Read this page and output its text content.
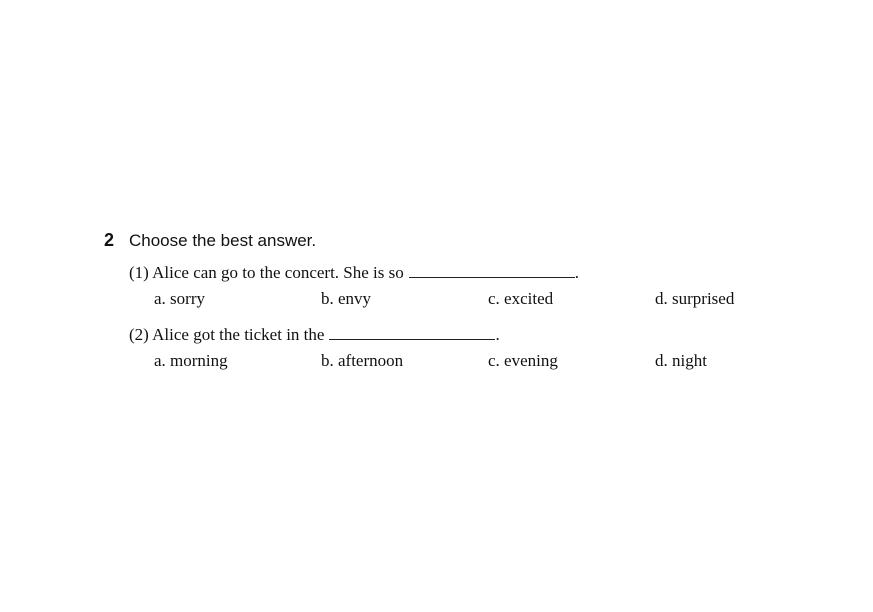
2 Choose the best answer.
(1) Alice can go to the concert. She is so	.
a. sorry	b. envy	c. excited	d. surprised
(2) Alice got the ticket in the	.
a. morning	b. afternoon	c. evening	d. night
